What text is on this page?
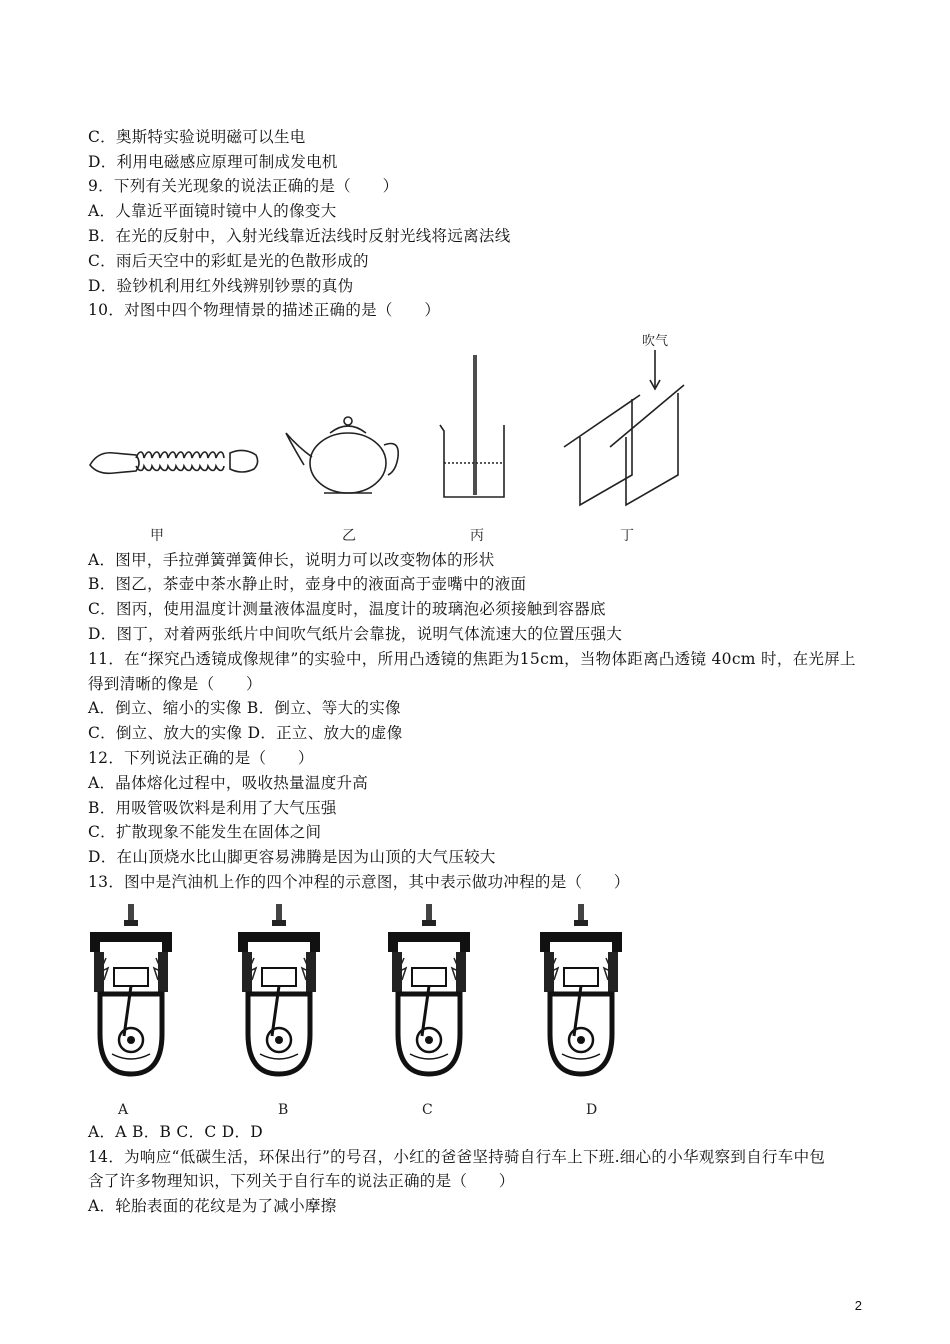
C．奥斯特实验说明磁可以生电
D．利用电磁感应原理可制成发电机
9．下列有关光现象的说法正确的是（　　）
A．人靠近平面镜时镜中人的像变大
B．在光的反射中，入射光线靠近法线时反射光线将远离法线
C．雨后天空中的彩虹是光的色散形成的
D．验钞机利用红外线辨别钞票的真伪
10．对图中四个物理情景的描述正确的是（　　）
吹气
甲	乙	丙	丁
A．图甲，手拉弹簧弹簧伸长，说明力可以改变物体的形状
B．图乙，茶壶中茶水静止时，壶身中的液面高于壶嘴中的液面
C．图丙，使用温度计测量液体温度时，温度计的玻璃泡必须接触到容器底
D．图丁，对着两张纸片中间吹气纸片会靠拢，说明气体流速大的位置压强大
11．在“探究凸透镜成像规律”的实验中，所用凸透镜的焦距为15cm，当物体距离凸透镜 40cm 时，在光屏上
得到清晰的像是（　　）
A．倒立、缩小的实像 B．倒立、等大的实像
C．倒立、放大的实像 D．正立、放大的虚像
12．下列说法正确的是（　　）
A．晶体熔化过程中，吸收热量温度升高
B．用吸管吸饮料是利用了大气压强
C．扩散现象不能发生在固体之间
D．在山顶烧水比山脚更容易沸腾是因为山顶的大气压较大
13．图中是汽油机上作的四个冲程的示意图，其中表示做功冲程的是（　　）
A	B	C	D
A．A B．B C．C D．D
14．为响应“低碳生活，环保出行”的号召，小红的爸爸坚持骑自行车上下班.细心的小华观察到自行车中包
含了许多物理知识，下列关于自行车的说法正确的是（　　）
A．轮胎表面的花纹是为了减小摩擦
2
